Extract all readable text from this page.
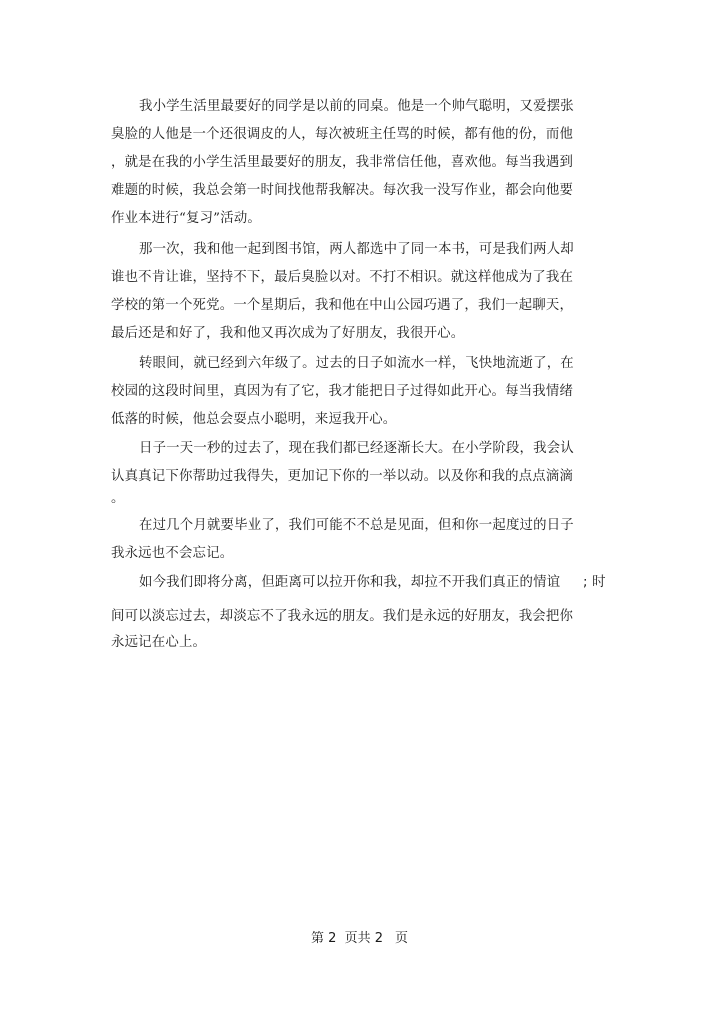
我小学生活里最要好的同学是以前的同桌。他是一个帅气聪明，又爱摆张
臭脸的人他是一个还很调皮的人，每次被班主任骂的时候，都有他的份，而他
，就是在我的小学生活里最要好的朋友，我非常信任他，喜欢他。每当我遇到
难题的时候，我总会第一时间找他帮我解决。每次我一没写作业，都会向他要
作业本进行“复习”活动。
那一次，我和他一起到图书馆，两人都选中了同一本书，可是我们两人却
谁也不肯让谁，坚持不下，最后臭脸以对。不打不相识。就这样他成为了我在
学校的第一个死党。一个星期后，我和他在中山公园巧遇了，我们一起聊天，
最后还是和好了，我和他又再次成为了好朋友，我很开心。
转眼间，就已经到六年级了。过去的日子如流水一样，飞快地流逝了，在
校园的这段时间里，真因为有了它，我才能把日子过得如此开心。每当我情绪
低落的时候，他总会耍点小聪明，来逗我开心。
日子一天一秒的过去了，现在我们都已经逐渐长大。在小学阶段，我会认
认真真记下你帮助过我得失，更加记下你的一举以动。以及你和我的点点滴滴
。
在过几个月就要毕业了，我们可能不不总是见面，但和你一起度过的日子
我永远也不会忘记。
如今我们即将分离，但距离可以拉开你和我，却拉不开我们真正的情谊 ; 时
间可以淡忘过去，却淡忘不了我永远的朋友。我们是永远的好朋友，我会把你
永远记在心上。
第 2  页共 2 页
